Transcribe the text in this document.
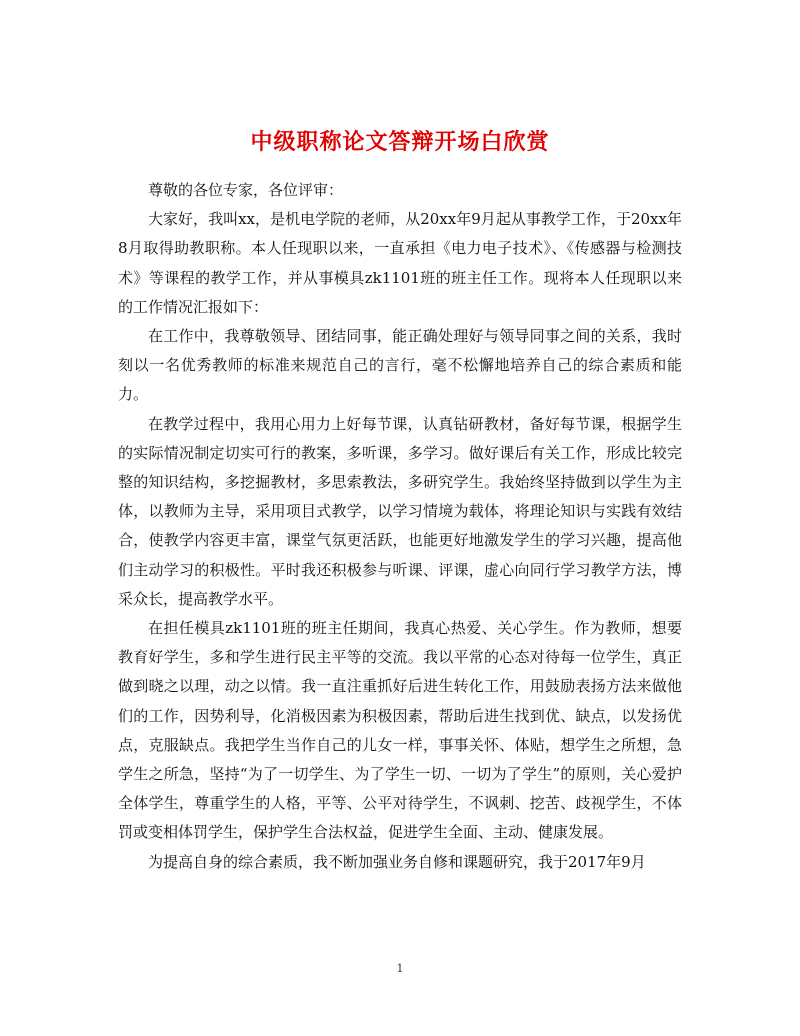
中级职称论文答辩开场白欣赏

尊敬的各位专家，各位评审：

大家好，我叫xx，是机电学院的老师，从20xx年9月起从事教学工作，于20xx年8月取得助教职称。本人任现职以来，一直承担《电力电子技术》、《传感器与检测技术》等课程的教学工作，并从事模具zk1101班的班主任工作。现将本人任现职以来的工作情况汇报如下：

在工作中，我尊敬领导、团结同事，能正确处理好与领导同事之间的关系，我时刻以一名优秀教师的标准来规范自己的言行，毫不松懈地培养自己的综合素质和能力。

在教学过程中，我用心用力上好每节课，认真钻研教材，备好每节课，根据学生的实际情况制定切实可行的教案，多听课，多学习。做好课后有关工作，形成比较完整的知识结构，多挖掘教材，多思索教法，多研究学生。我始终坚持做到以学生为主体，以教师为主导，采用项目式教学，以学习情境为载体，将理论知识与实践有效结合，使教学内容更丰富，课堂气氛更活跃，也能更好地激发学生的学习兴趣，提高他们主动学习的积极性。平时我还积极参与听课、评课，虚心向同行学习教学方法，博采众长，提高教学水平。

在担任模具zk1101班的班主任期间，我真心热爱、关心学生。作为教师，想要教育好学生，多和学生进行民主平等的交流。我以平常的心态对待每一位学生，真正做到晓之以理，动之以情。我一直注重抓好后进生转化工作，用鼓励表扬方法来做他们的工作，因势利导，化消极因素为积极因素，帮助后进生找到优、缺点，以发扬优点，克服缺点。我把学生当作自己的儿女一样，事事关怀、体贴，想学生之所想，急学生之所急，坚持“为了一切学生、为了学生一切、一切为了学生”的原则，关心爱护全体学生，尊重学生的人格，平等、公平对待学生，不讽刺、挖苦、歧视学生，不体罚或变相体罚学生，保护学生合法权益，促进学生全面、主动、健康发展。

为提高自身的综合素质，我不断加强业务自修和课题研究，我于2017年9月

1
